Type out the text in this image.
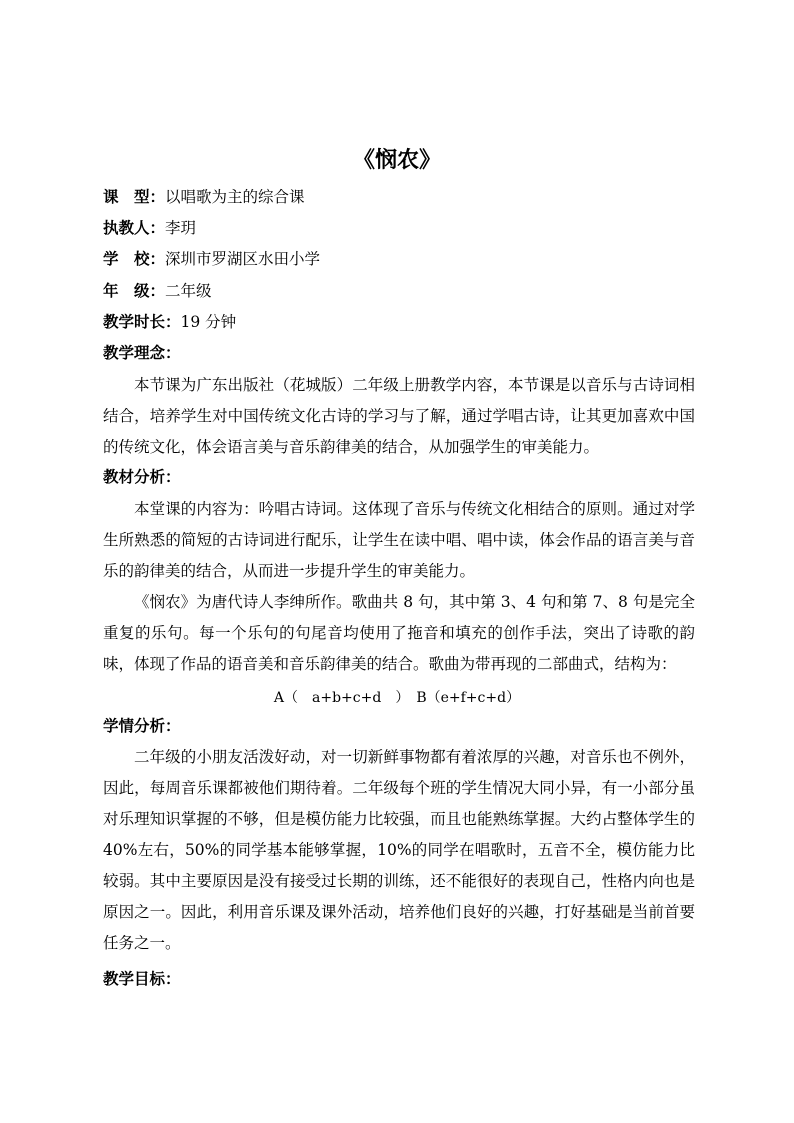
《悯农》
课　型：以唱歌为主的综合课
执教人：李玥
学　校：深圳市罗湖区水田小学
年　级：二年级
教学时长：19 分钟
教学理念：
本节课为广东出版社（花城版）二年级上册教学内容，本节课是以音乐与古诗词相结合，培养学生对中国传统文化古诗的学习与了解，通过学唱古诗，让其更加喜欢中国的传统文化，体会语言美与音乐韵律美的结合，从加强学生的审美能力。
教材分析：
本堂课的内容为：吟唱古诗词。这体现了音乐与传统文化相结合的原则。通过对学生所熟悉的简短的古诗词进行配乐，让学生在读中唱、唱中读，体会作品的语言美与音乐的韵律美的结合，从而进一步提升学生的审美能力。
《悯农》为唐代诗人李绅所作。歌曲共 8 句，其中第 3、4 句和第 7、8 句是完全重复的乐句。每一个乐句的句尾音均使用了拖音和填充的创作手法，突出了诗歌的韵味，体现了作品的语音美和音乐韵律美的结合。歌曲为带再现的二部曲式，结构为：
A（　a+b+c+d　）　B（e+f+c+d）
学情分析：
二年级的小朋友活泼好动，对一切新鲜事物都有着浓厚的兴趣，对音乐也不例外，因此，每周音乐课都被他们期待着。二年级每个班的学生情况大同小异，有一小部分虽对乐理知识掌握的不够，但是模仿能力比较强，而且也能熟练掌握。大约占整体学生的 40%左右，50%的同学基本能够掌握，10%的同学在唱歌时，五音不全，模仿能力比较弱。其中主要原因是没有接受过长期的训练，还不能很好的表现自己，性格内向也是原因之一。因此，利用音乐课及课外活动，培养他们良好的兴趣，打好基础是当前首要任务之一。
教学目标：
